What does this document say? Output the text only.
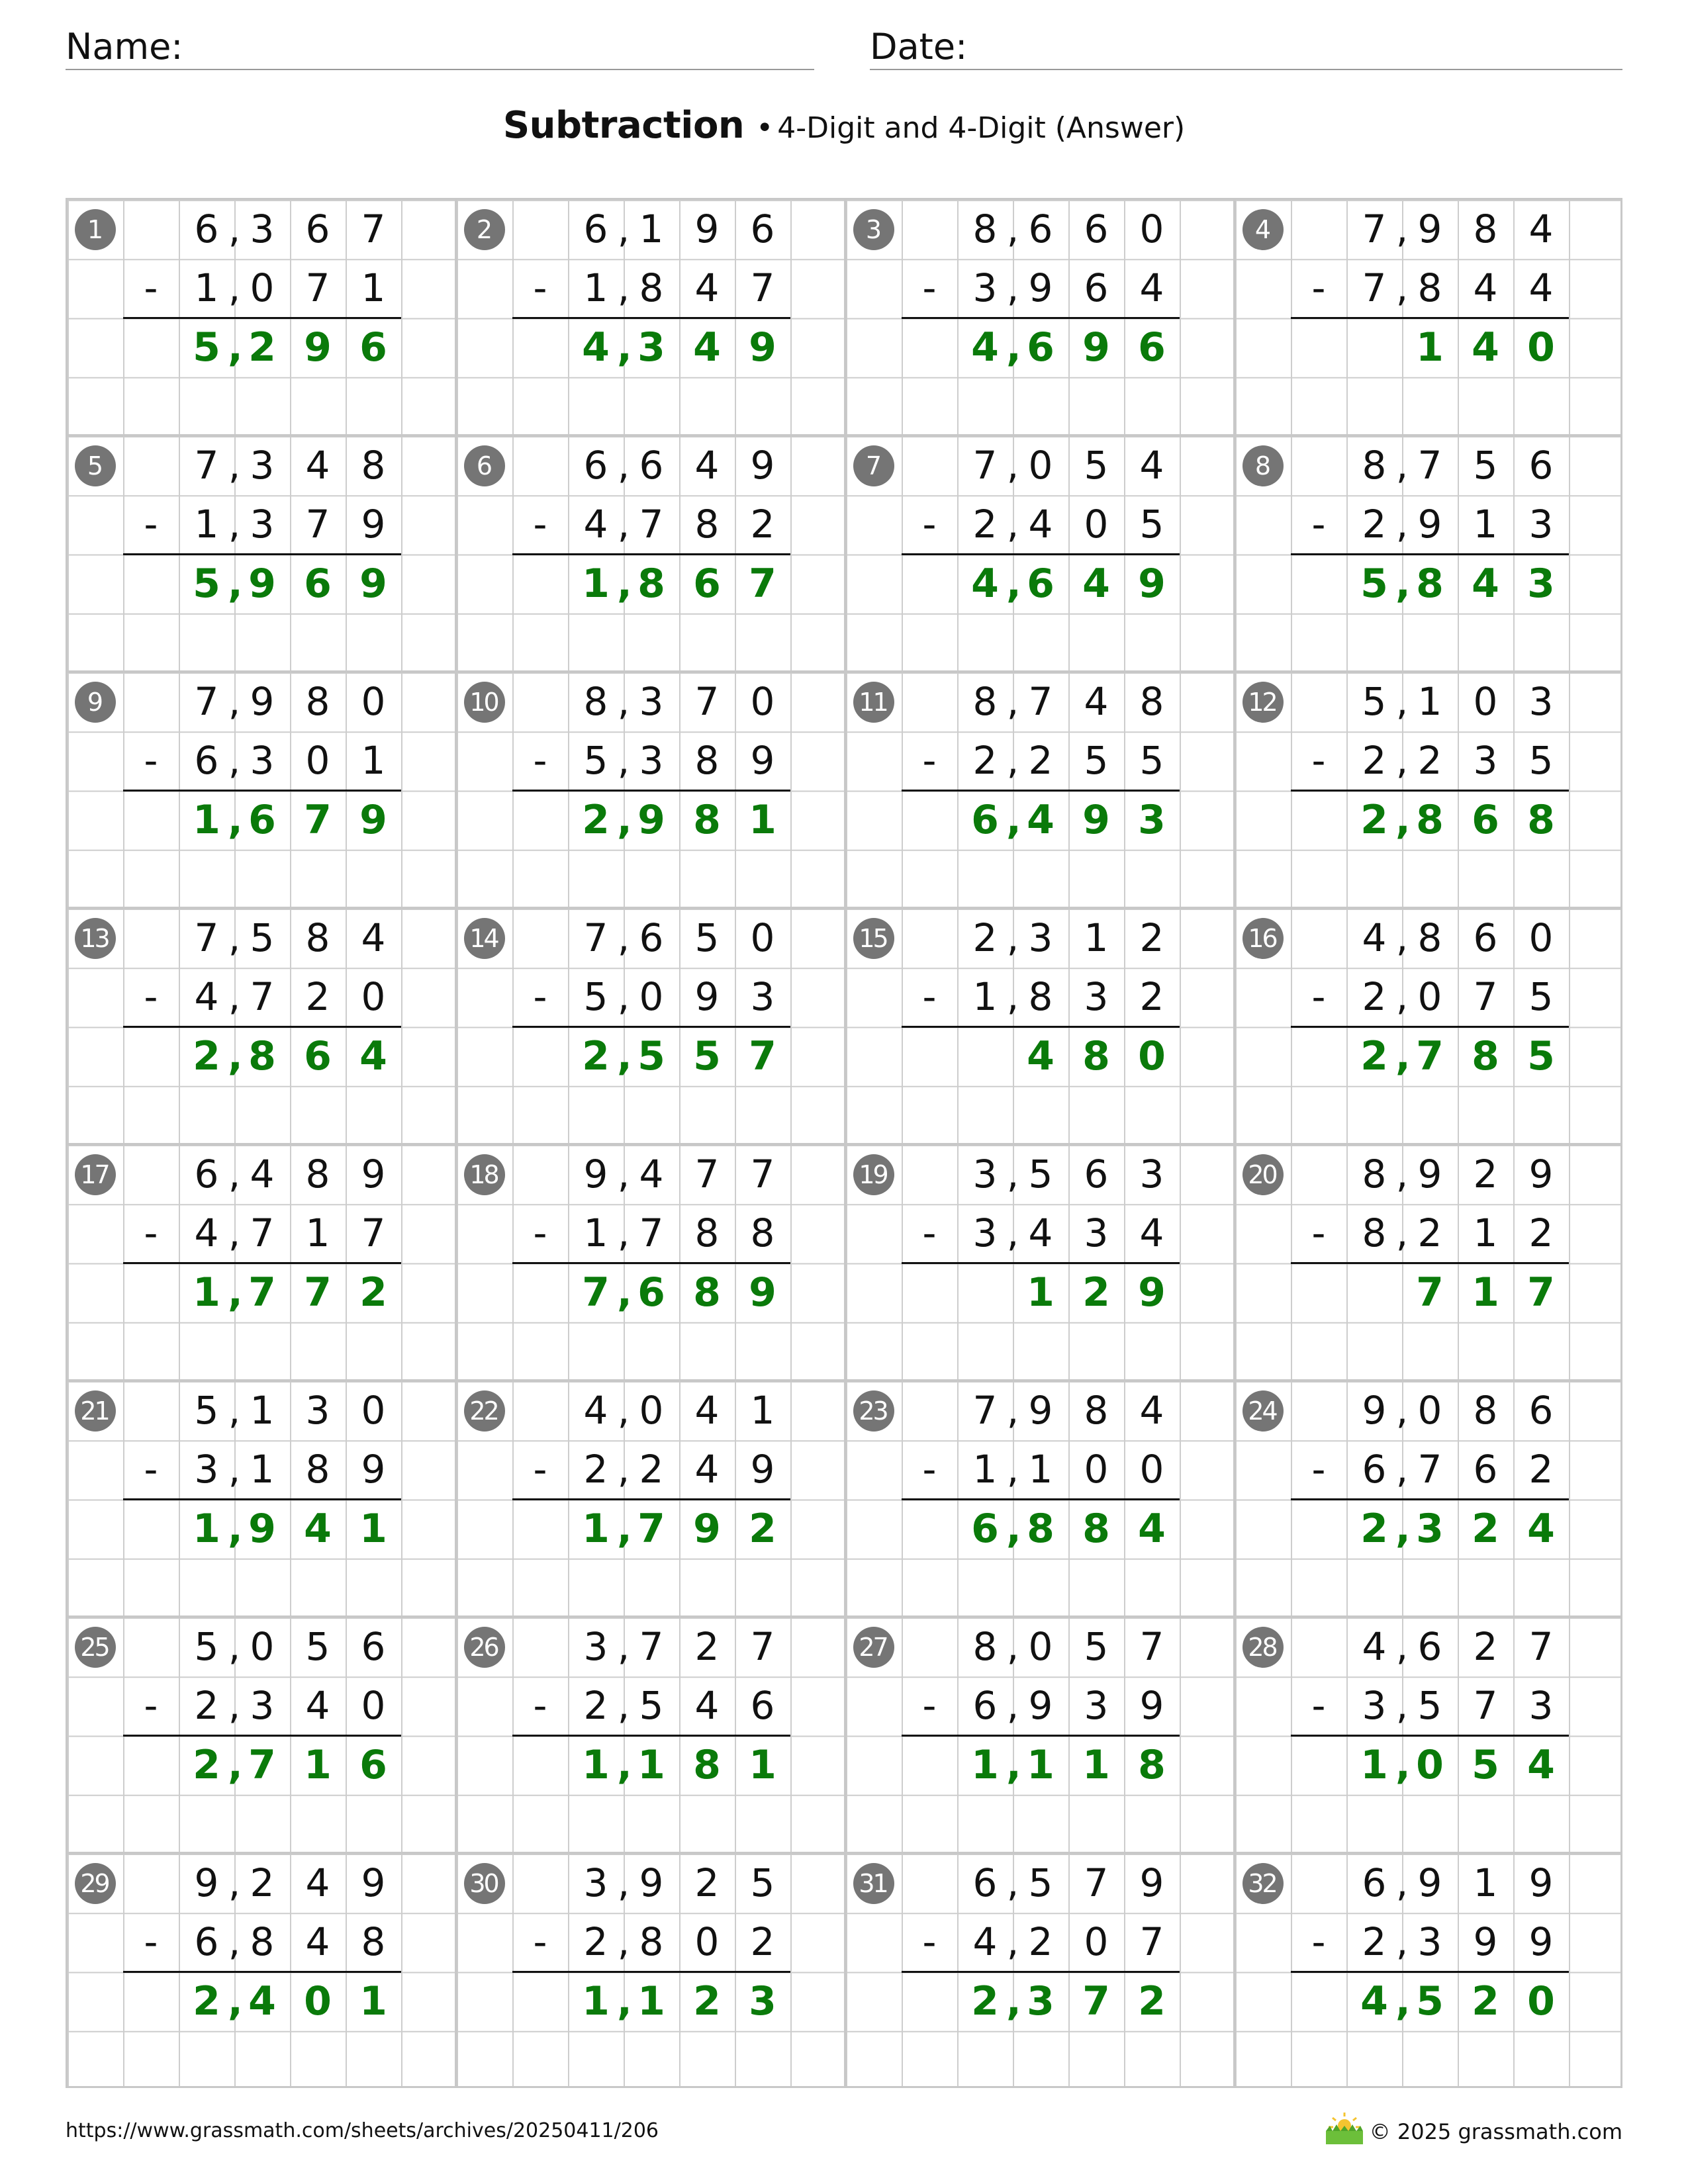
Name:	Date:
Subtraction • 4-Digit and 4-Digit (Answer)
1	6 3 6 7
,
- 1 0 7 1
,
5 2 9 6
,
2	6 1 9 6
,
- 1 8 4 7
,
4 3 4 9
,
3	8 6 6 0
,
- 3 9 6 4
,
4 6 9 6
,
4	7 9 8 4
,
- 7 8 4 4
,
1 4 0
5	7 3 4 8
,
- 1 3 7 9
,
5 9 6 9
,
6	6 6 4 9
,
- 4 7 8 2
,
1 8 6 7
,
7	7 0 5 4
,
- 2 4 0 5
,
4 6 4 9
,
8	8 7 5 6
,
- 2 9 1 3
,
5 8 4 3
,
9	7 9 8 0
,
- 6 3 0 1
,
1 6 7 9
,
10	8 3 7 0
,
- 5 3 8 9
,
2 9 8 1
,
11	8 7 4 8
,
- 2 2 5 5
,
6 4 9 3
,
12	5 1 0 3
,
- 2 2 3 5
,
2 8 6 8
,
13	7 5 8 4
,
- 4 7 2 0
,
2 8 6 4
,
14	7 6 5 0
,
- 5 0 9 3
,
2 5 5 7
,
15	2 3 1 2
,
- 1 8 3 2
,
4 8 0
16	4 8 6 0
,
- 2 0 7 5
,
2 7 8 5
,
17	6 4 8 9
,
- 4 7 1 7
,
1 7 7 2
,
18	9 4 7 7
,
- 1 7 8 8
,
7 6 8 9
,
19	3 5 6 3
,
- 3 4 3 4
,
1 2 9
20	8 9 2 9
,
- 8 2 1 2
,
7 1 7
21	5 1 3 0
,
- 3 1 8 9
,
1 9 4 1
,
22	4 0 4 1
,
- 2 2 4 9
,
1 7 9 2
,
23	7 9 8 4
,
- 1 1 0 0
,
6 8 8 4
,
24	9 0 8 6
,
- 6 7 6 2
,
2 3 2 4
,
25	5 0 5 6
,
- 2 3 4 0
,
2 7 1 6
,
26	3 7 2 7
,
- 2 5 4 6
,
1 1 8 1
,
27	8 0 5 7
,
- 6 9 3 9
,
1 1 1 8
,
28	4 6 2 7
,
- 3 5 7 3
,
1 0 5 4
,
29	9 2 4 9
,
- 6 8 4 8
,
2 4 0 1
,
30	3 9 2 5
,
- 2 8 0 2
,
1 1 2 3
,
31	6 5 7 9
,
- 4 2 0 7
,
2 3 7 2
,
32	6 9 1 9
,
- 2 3 9 9
,
4 5 2 0
,
https://www.grassmath.com/sheets/archives/20250411/206	© 2025 grassmath.com
